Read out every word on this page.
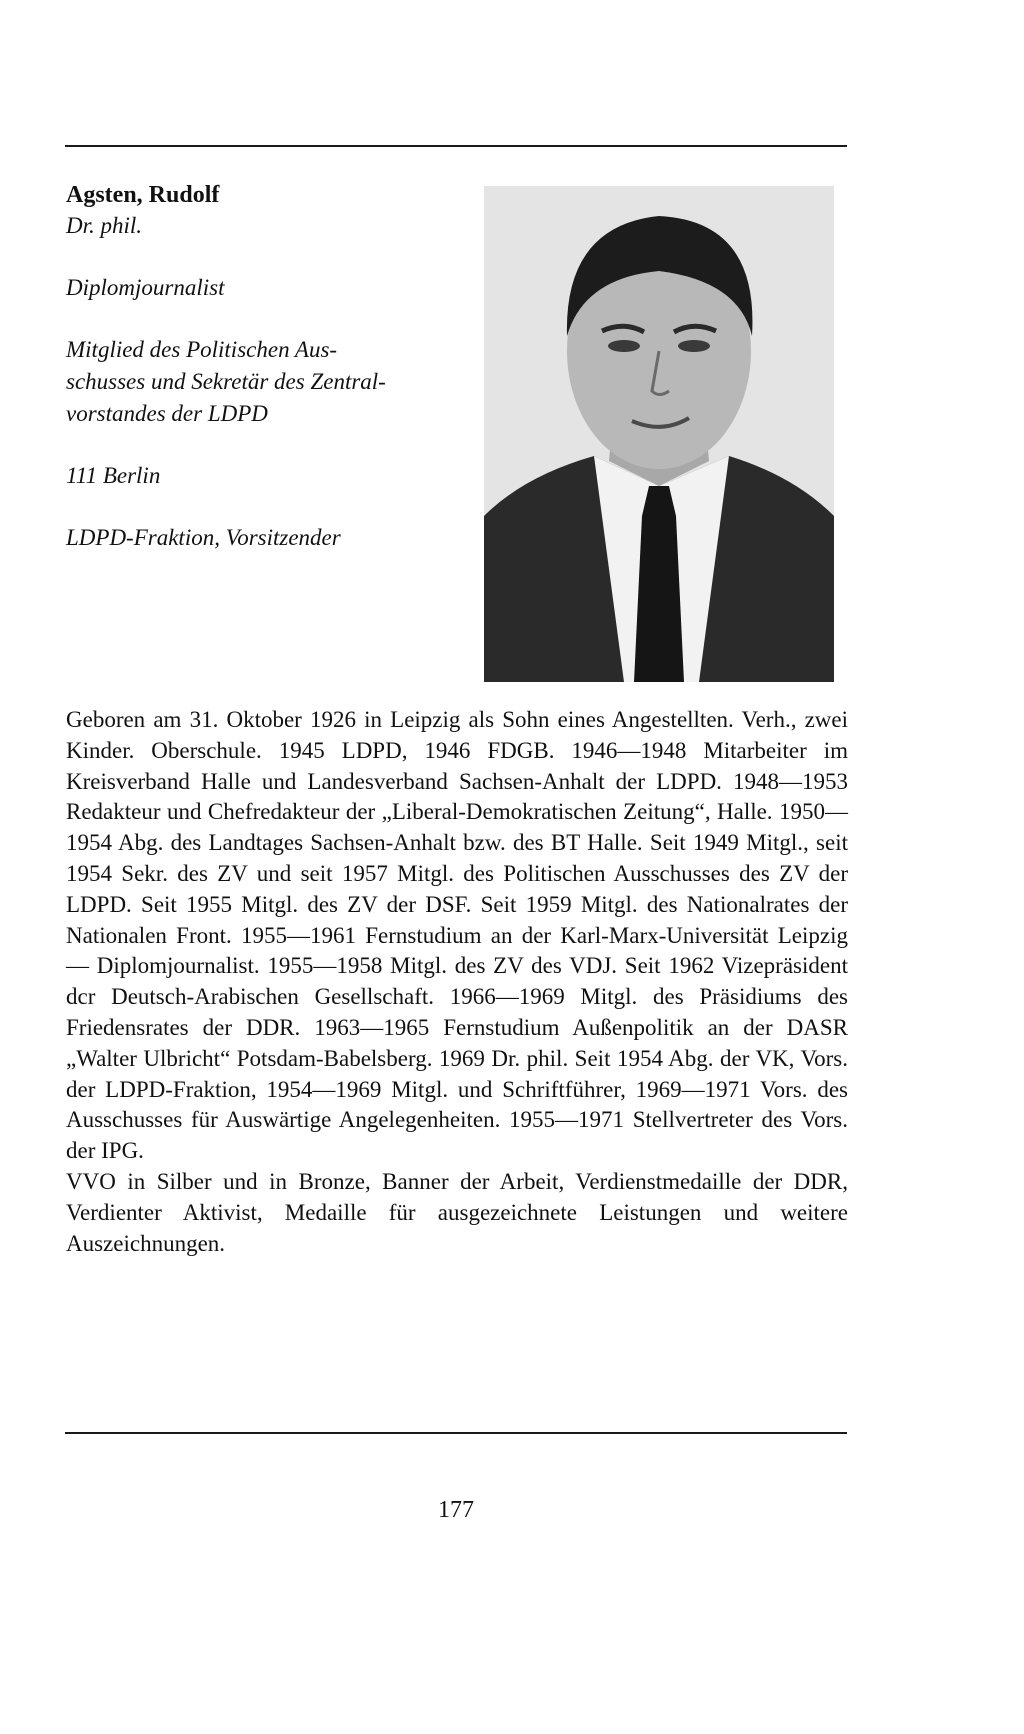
Agsten, Rudolf
Dr. phil.
Diplomjournalist
Mitglied des Politischen Aus-
schusses und Sekretär des Zentral-
vorstandes der LDPD
111 Berlin
LDPD-Fraktion, Vorsitzender

Geboren am 31. Oktober 1926 in Leipzig als Sohn eines Angestellten. Verh., zwei Kinder. Oberschule. 1945 LDPD, 1946 FDGB. 1946—1948 Mitarbeiter im Kreisverband Halle und Landesverband Sachsen-Anhalt der LDPD. 1948—1953 Redakteur und Chefredakteur der „Liberal-Demokratischen Zeitung“, Halle. 1950—1954 Abg. des Landtages Sachsen-Anhalt bzw. des BT Halle. Seit 1949 Mitgl., seit 1954 Sekr. des ZV und seit 1957 Mitgl. des Politischen Ausschusses des ZV der LDPD. Seit 1955 Mitgl. des ZV der DSF. Seit 1959 Mitgl. des Nationalrates der Nationalen Front. 1955—1961 Fernstudium an der Karl-Marx-Universität Leipzig — Diplomjournalist. 1955—1958 Mitgl. des ZV des VDJ. Seit 1962 Vizepräsident dcr Deutsch-Arabischen Gesellschaft. 1966—1969 Mitgl. des Präsidiums des Friedensrates der DDR. 1963—1965 Fernstudium Außenpolitik an der DASR „Walter Ulbricht“ Potsdam-Babelsberg. 1969 Dr. phil. Seit 1954 Abg. der VK, Vors. der LDPD-Fraktion, 1954—1969 Mitgl. und Schriftführer, 1969—1971 Vors. des Ausschusses für Auswärtige Angelegenheiten. 1955—1971 Stellvertreter des Vors. der IPG.

VVO in Silber und in Bronze, Banner der Arbeit, Verdienstmedaille der DDR, Verdienter Aktivist, Medaille für ausgezeichnete Leistungen und weitere Auszeichnungen.

177
